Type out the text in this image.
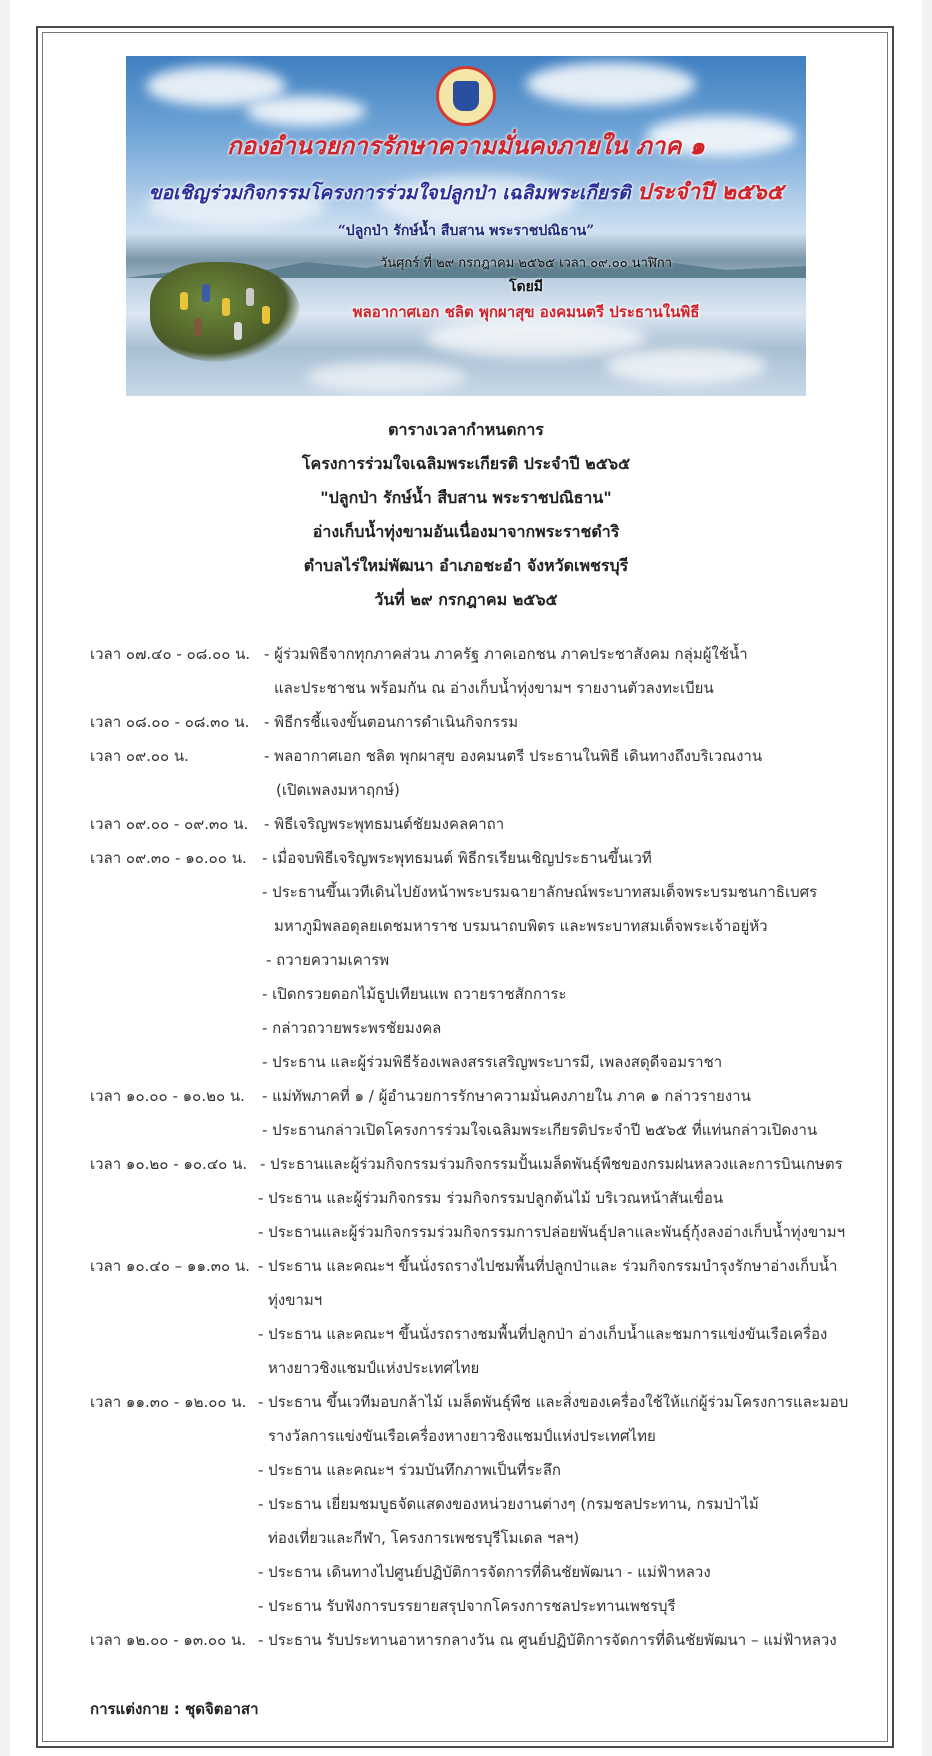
กองอำนวยการรักษาความมั่นคงภายใน ภาค ๑
ขอเชิญร่วมกิจกรรมโครงการร่วมใจปลูกป่า เฉลิมพระเกียรติ ประจำปี ๒๕๖๕
“ปลูกป่า รักษ์น้ำ สืบสาน พระราชปณิธาน”
วันศุกร์ ที่ ๒๙ กรกฎาคม ๒๕๖๕ เวลา ๐๙.๐๐ นาฬิกา
โดยมี
พลอากาศเอก ชลิต พุกผาสุข องคมนตรี ประธานในพิธี
ตารางเวลากำหนดการ
โครงการร่วมใจเฉลิมพระเกียรติ ประจำปี ๒๕๖๕
"ปลูกป่า รักษ์น้ำ สืบสาน พระราชปณิธาน"
อ่างเก็บน้ำทุ่งขามอันเนื่องมาจากพระราชดำริ
ตำบลไร่ใหม่พัฒนา อำเภอชะอำ จังหวัดเพชรบุรี
วันที่ ๒๙ กรกฎาคม ๒๕๖๕
เวลา ๐๗.๔๐ - ๐๘.๐๐ น. - ผู้ร่วมพิธีจากทุกภาคส่วน ภาครัฐ ภาคเอกชน ภาคประชาสังคม กลุ่มผู้ใช้น้ำ
และประชาชน พร้อมกัน ณ อ่างเก็บน้ำทุ่งขามฯ รายงานตัวลงทะเบียน
เวลา ๐๘.๐๐ - ๐๘.๓๐ น. - พิธีกรชี้แจงขั้นตอนการดำเนินกิจกรรม
เวลา ๐๙.๐๐ น.	- พลอากาศเอก ชลิต พุกผาสุข องคมนตรี ประธานในพิธี เดินทางถึงบริเวณงาน
(เปิดเพลงมหาฤกษ์)
เวลา ๐๙.๐๐ - ๐๙.๓๐ น. - พิธีเจริญพระพุทธมนต์ชัยมงคลคาถา
เวลา ๐๙.๓๐ - ๑๐.๐๐ น. - เมื่อจบพิธีเจริญพระพุทธมนต์ พิธีกรเรียนเชิญประธานขึ้นเวที
- ประธานขึ้นเวทีเดินไปยังหน้าพระบรมฉายาลักษณ์พระบาทสมเด็จพระบรมชนกาธิเบศร
มหาภูมิพลอดุลยเดชมหาราช บรมนาถบพิตร และพระบาทสมเด็จพระเจ้าอยู่หัว
- ถวายความเคารพ
- เปิดกรวยดอกไม้ธูปเทียนแพ ถวายราชสักการะ
- กล่าวถวายพระพรชัยมงคล
- ประธาน และผู้ร่วมพิธีร้องเพลงสรรเสริญพระบารมี, เพลงสดุดีจอมราชา
เวลา ๑๐.๐๐ - ๑๐.๒๐ น. - แม่ทัพภาคที่ ๑ / ผู้อำนวยการรักษาความมั่นคงภายใน ภาค ๑ กล่าวรายงาน
- ประธานกล่าวเปิดโครงการร่วมใจเฉลิมพระเกียรติประจำปี ๒๕๖๕ ที่แท่นกล่าวเปิดงาน
เวลา ๑๐.๒๐ - ๑๐.๔๐ น. - ประธานและผู้ร่วมกิจกรรมร่วมกิจกรรมปั้นเมล็ดพันธุ์พืชของกรมฝนหลวงและการบินเกษตร
- ประธาน และผู้ร่วมกิจกรรม ร่วมกิจกรรมปลูกต้นไม้ บริเวณหน้าสันเขื่อน
- ประธานและผู้ร่วมกิจกรรมร่วมกิจกรรมการปล่อยพันธุ์ปลาและพันธุ์กุ้งลงอ่างเก็บน้ำทุ่งขามฯ
เวลา ๑๐.๔๐ – ๑๑.๓๐ น. - ประธาน และคณะฯ ขึ้นนั่งรถรางไปชมพื้นที่ปลูกป่าและ ร่วมกิจกรรมบำรุงรักษาอ่างเก็บน้ำ
ทุ่งขามฯ
- ประธาน และคณะฯ ขึ้นนั่งรถรางชมพื้นที่ปลูกป่า อ่างเก็บน้ำและชมการแข่งขันเรือเครื่อง
หางยาวชิงแชมป์แห่งประเทศไทย
เวลา ๑๑.๓๐ - ๑๒.๐๐ น. - ประธาน ขึ้นเวทีมอบกล้าไม้ เมล็ดพันธุ์พืช และสิ่งของเครื่องใช้ให้แก่ผู้ร่วมโครงการและมอบ
รางวัลการแข่งขันเรือเครื่องหางยาวชิงแชมป์แห่งประเทศไทย
- ประธาน และคณะฯ ร่วมบันทึกภาพเป็นที่ระลึก
- ประธาน เยี่ยมชมบูธจัดแสดงของหน่วยงานต่างๆ (กรมชลประทาน, กรมป่าไม้
ท่องเที่ยวและกีฬา, โครงการเพชรบุรีโมเดล ฯลฯ)
- ประธาน เดินทางไปศูนย์ปฏิบัติการจัดการที่ดินชัยพัฒนา - แม่ฟ้าหลวง
- ประธาน รับฟังการบรรยายสรุปจากโครงการชลประทานเพชรบุรี
เวลา ๑๒.๐๐ - ๑๓.๐๐ น. - ประธาน รับประทานอาหารกลางวัน ณ ศูนย์ปฏิบัติการจัดการที่ดินชัยพัฒนา – แม่ฟ้าหลวง
การแต่งกาย : ชุดจิตอาสา
